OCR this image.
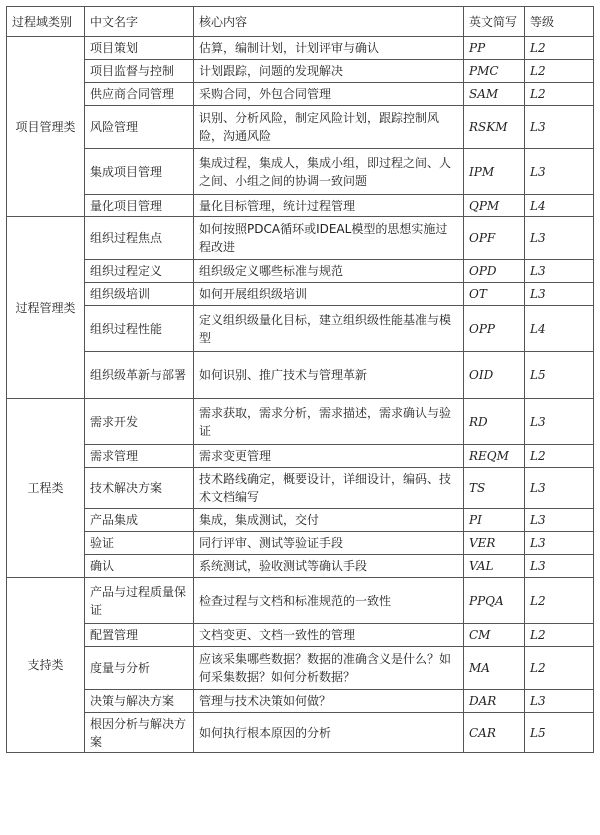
过程域类别	中文名字	核心内容	英文简写	等级
项目管理类	项目策划	估算，编制计划，计划评审与确认	PP	L2
	项目监督与控制	计划跟踪，问题的发现解决	PMC	L2
	供应商合同管理	采购合同，外包合同管理	SAM	L2
	风险管理	识别、分析风险，制定风险计划，跟踪控制风险，沟通风险	RSKM	L3
	集成项目管理	集成过程，集成人，集成小组，即过程之间、人之间、小组之间的协调一致问题	IPM	L3
	量化项目管理	量化目标管理，统计过程管理	QPM	L4
过程管理类	组织过程焦点	如何按照PDCA循环或IDEAL模型的思想实施过程改进	OPF	L3
	组织过程定义	组织级定义哪些标准与规范	OPD	L3
	组织级培训	如何开展组织级培训	OT	L3
	组织过程性能	定义组织级量化目标，建立组织级性能基准与模型	OPP	L4
	组织级革新与部署	如何识别、推广技术与管理革新	OID	L5
工程类	需求开发	需求获取，需求分析，需求描述，需求确认与验证	RD	L3
	需求管理	需求变更管理	REQM	L2
	技术解决方案	技术路线确定，概要设计，详细设计，编码、技术文档编写	TS	L3
	产品集成	集成，集成测试，交付	PI	L3
	验证	同行评审、测试等验证手段	VER	L3
	确认	系统测试，验收测试等确认手段	VAL	L3
支持类	产品与过程质量保证	检查过程与文档和标准规范的一致性	PPQA	L2
	配置管理	文档变更、文档一致性的管理	CM	L2
	度量与分析	应该采集哪些数据？数据的准确含义是什么？如何采集数据？如何分析数据？	MA	L2
	决策与解决方案	管理与技术决策如何做？	DAR	L3
	根因分析与解决方案	如何执行根本原因的分析	CAR	L5
